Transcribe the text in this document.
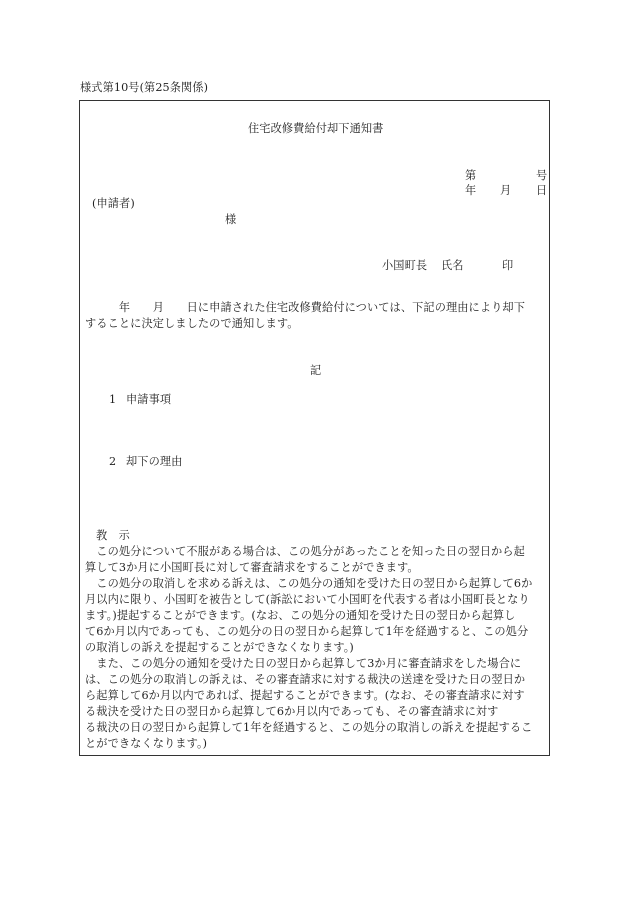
様式第10号(第25条関係)
住宅改修費給付却下通知書
第	号
年 月 日
(申請者)
様
小国町長 氏名	印

　　　年　　月　　日に申請された住宅改修費給付については、下記の理由により却下
することに決定しましたので通知します。

記
1 申請事項
2 却下の理由
教　示

　この処分について不服がある場合は、この処分があったことを知った日の翌日から起
算して3か月に小国町長に対して審査請求をすることができます。

　この処分の取消しを求める訴えは、この処分の通知を受けた日の翌日から起算して6か
月以内に限り、小国町を被告として(訴訟において小国町を代表する者は小国町長となり
ます。)提起することができます。(なお、この処分の通知を受けた日の翌日から起算し
て6か月以内であっても、この処分の日の翌日から起算して1年を経過すると、この処分
の取消しの訴えを提起することができなくなります。)

　また、この処分の通知を受けた日の翌日から起算して3か月に審査請求をした場合に
は、この処分の取消しの訴えは、その審査請求に対する裁決の送達を受けた日の翌日か
ら起算して6か月以内であれば、提起することができます。(なお、その審査請求に対す
る裁決を受けた日の翌日から起算して6か月以内であっても、その審査請求に対す
る裁決の日の翌日から起算して1年を経過すると、この処分の取消しの訴えを提起するこ
とができなくなります。)
